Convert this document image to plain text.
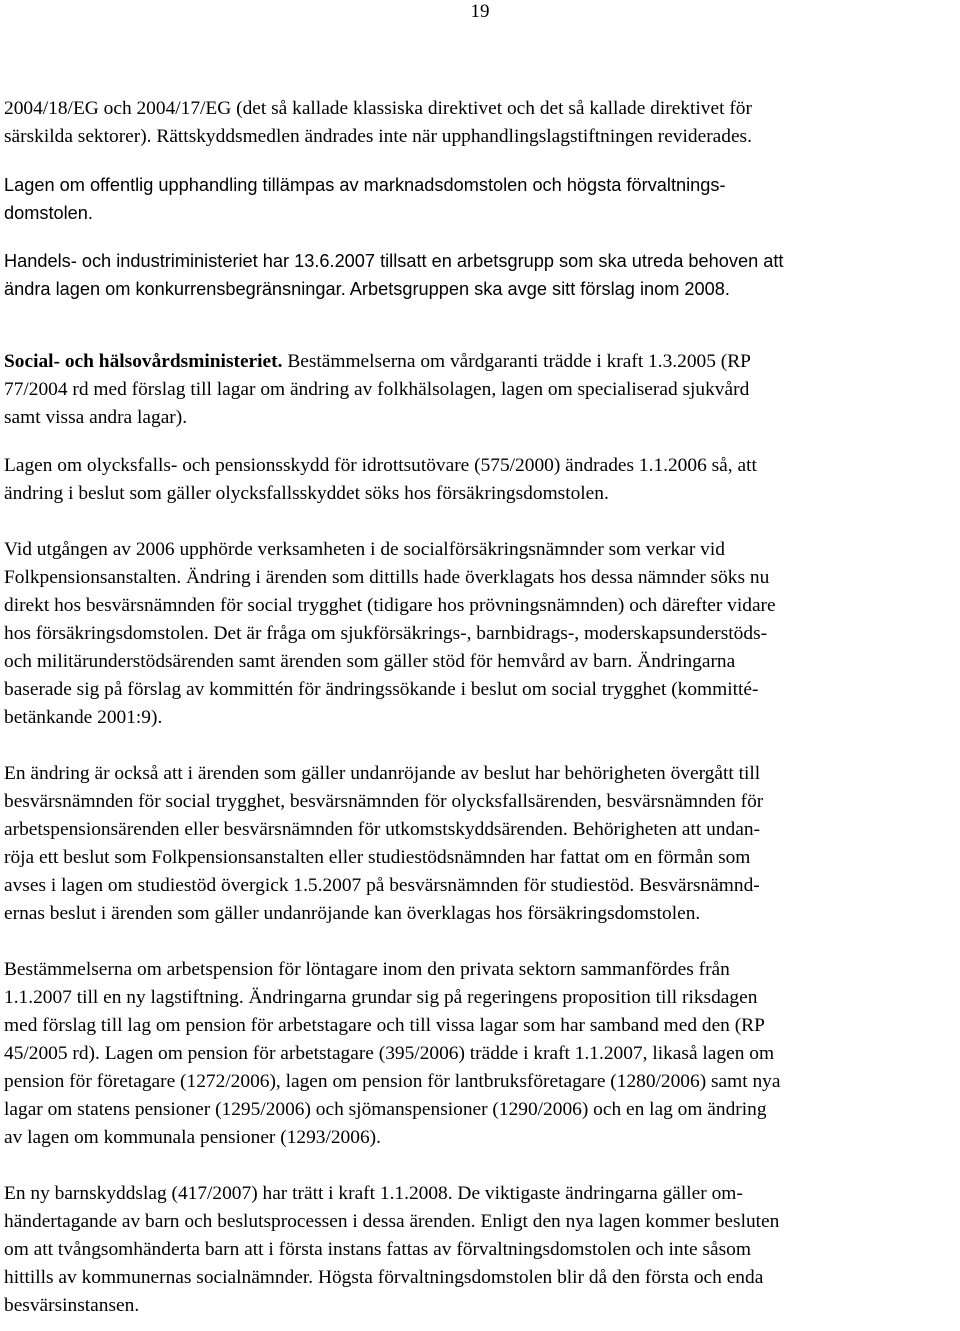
19

2004/18/EG och 2004/17/EG (det så kallade klassiska direktivet och det så kallade direktivet för
särskilda sektorer). Rättskyddsmedlen ändrades inte när upphandlingslagstiftningen reviderades.

Lagen om offentlig upphandling tillämpas av marknadsdomstolen och högsta förvaltnings-
domstolen.

Handels- och industriministeriet har 13.6.2007 tillsatt en arbetsgrupp som ska utreda behoven att
ändra lagen om konkurrensbegränsningar. Arbetsgruppen ska avge sitt förslag inom 2008.

Social- och hälsovårdsministeriet. Bestämmelserna om vårdgaranti trädde i kraft 1.3.2005 (RP
77/2004 rd med förslag till lagar om ändring av folkhälsolagen, lagen om specialiserad sjukvård
samt vissa andra lagar).

Lagen om olycksfalls- och pensionsskydd för idrottsutövare (575/2000) ändrades 1.1.2006 så, att
ändring i beslut som gäller olycksfallsskyddet söks hos försäkringsdomstolen.

Vid utgången av 2006 upphörde verksamheten i de socialförsäkringsnämnder som verkar vid
Folkpensionsanstalten. Ändring i ärenden som dittills hade överklagats hos dessa nämnder söks nu
direkt hos besvärsnämnden för social trygghet (tidigare hos prövningsnämnden) och därefter vidare
hos försäkringsdomstolen. Det är fråga om sjukförsäkrings-, barnbidrags-, moderskapsunderstöds-
och militärunderstödsärenden samt ärenden som gäller stöd för hemvård av barn. Ändringarna
baserade sig på förslag av kommittén för ändringssökande i beslut om social trygghet (kommitté-
betänkande 2001:9).

En ändring är också att i ärenden som gäller undanröjande av beslut har behörigheten övergått till
besvärsnämnden för social trygghet, besvärsnämnden för olycksfallsärenden, besvärsnämnden för
arbetspensionsärenden eller besvärsnämnden för utkomstskyddsärenden. Behörigheten att undan-
röja ett beslut som Folkpensionsanstalten eller studiestödsnämnden har fattat om en förmån som
avses i lagen om studiestöd övergick 1.5.2007 på besvärsnämnden för studiestöd. Besvärsnämnd-
ernas beslut i ärenden som gäller undanröjande kan överklagas hos försäkringsdomstolen.

Bestämmelserna om arbetspension för löntagare inom den privata sektorn sammanfördes från
1.1.2007 till en ny lagstiftning. Ändringarna grundar sig på regeringens proposition till riksdagen
med förslag till lag om pension för arbetstagare och till vissa lagar som har samband med den (RP
45/2005 rd). Lagen om pension för arbetstagare (395/2006) trädde i kraft 1.1.2007, likaså lagen om
pension för företagare (1272/2006), lagen om pension för lantbruksföretagare (1280/2006) samt nya
lagar om statens pensioner (1295/2006) och sjömanspensioner (1290/2006) och en lag om ändring
av lagen om kommunala pensioner (1293/2006).

En ny barnskyddslag (417/2007) har trätt i kraft 1.1.2008. De viktigaste ändringarna gäller om-
händertagande av barn och beslutsprocessen i dessa ärenden. Enligt den nya lagen kommer besluten
om att tvångsomhänderta barn att i första instans fattas av förvaltningsdomstolen och inte såsom
hittills av kommunernas socialnämnder. Högsta förvaltningsdomstolen blir då den första och enda
besvärsinstansen.
